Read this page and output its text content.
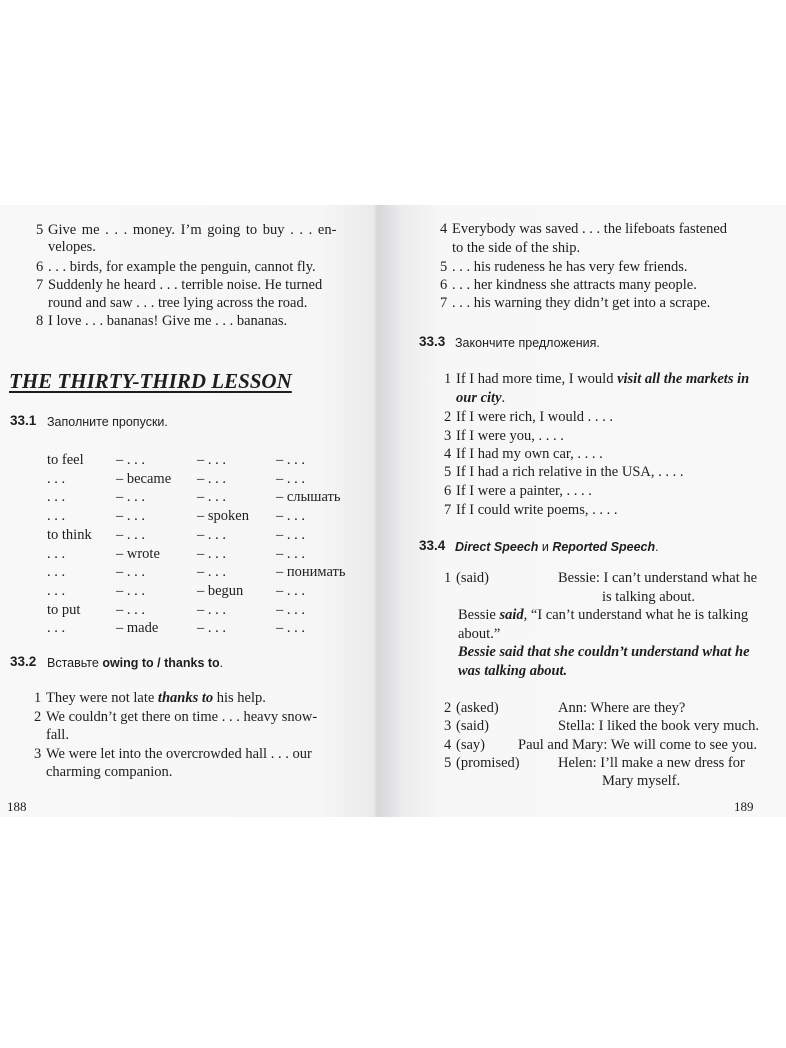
5 Give me . . . money. I’m going to buy . . . en-
velopes.
6 . . . birds, for example the penguin, cannot fly.
7 Suddenly he heard . . . terrible noise. He turned
round and saw . . . tree lying across the road.
8 I love . . . bananas! Give me . . . bananas.
THE THIRTY-THIRD LESSON
33.1 Заполните пропуски.
33.2 Вставьте owing to / thanks to.
1 They were not late thanks to his help.
2 We couldn’t get there on time . . . heavy snow-
fall.
3 We were let into the overcrowded hall . . . our
charming companion.
188
to feel – . . .	– . . .	– . . .
. . .	– became – . . .	– . . .
. . .	– . . .	– . . .	– слышать
. . .	– . . .	– spoken – . . .
to think – . . .	– . . .	– . . .
. . .	– wrote	– . . .	– . . .
. . .	– . . .	– . . .	– понимать
. . .	– . . .	– begun – . . .
to put – . . .	– . . .	– . . .
. . .	– made	– . . .	– . . .
4 Everybody was saved . . . the lifeboats fastened
to the side of the ship.
5 . . . his rudeness he has very few friends.
6 . . . her kindness she attracts many people.
7 . . . his warning they didn’t get into a scrape.
33.3 Закончите предложения.
1 If I had more time, I would visit all the markets in
our city.
2 If I were rich, I would . . . .
3 If I were you, . . . .
4 If I had my own car, . . . .
5 If I had a rich relative in the USA, . . . .
6 If I were a painter, . . . .
7 If I could write poems, . . . .
33.4 Direct Speech и Reported Speech.
1 (said)	Bessie: I can’t understand what he
is talking about.
Bessie said, “I can’t understand what he is talking
about.”
Bessie said that she couldn’t understand what he
was talking about.
2 (asked)	Ann: Where are they?
3 (said)	Stella: I liked the book very much.
4 (say) Paul and Mary: We will come to see you.
5 (promised)	Helen: I’ll make a new dress for
Mary myself.
189
